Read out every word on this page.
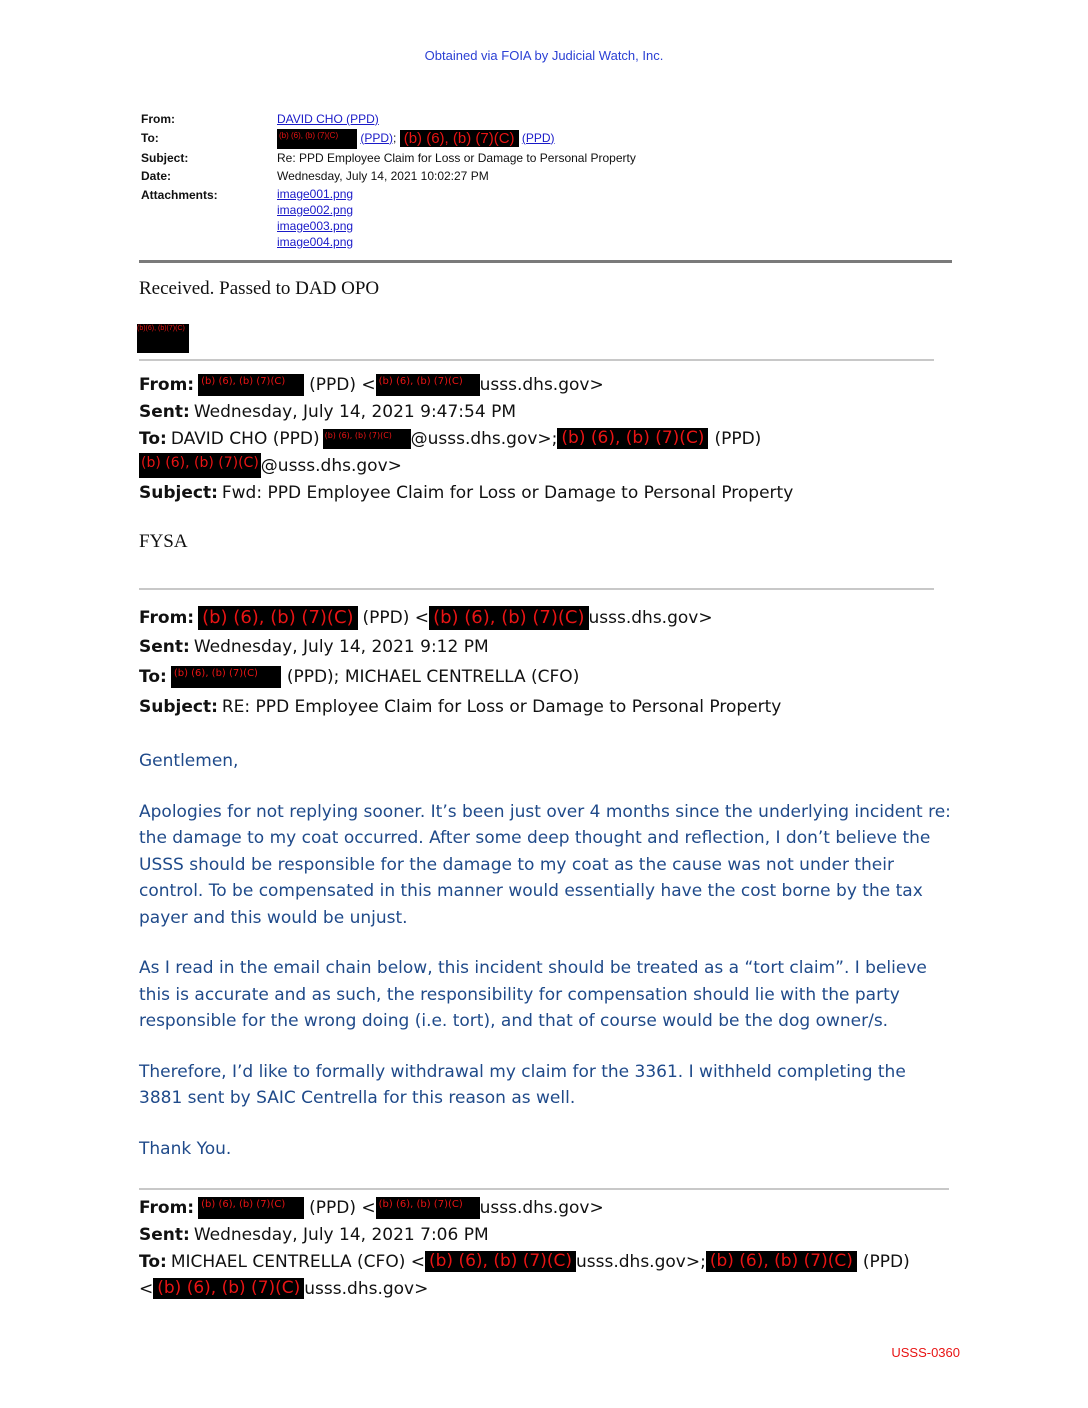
Obtained via FOIA by Judicial Watch, Inc.
From:	DAVID CHO (PPD)
To:	(b) (6), (b) (7)(C) (PPD); (b) (6), (b) (7)(C) (PPD)
Subject:	Re: PPD Employee Claim for Loss or Damage to Personal Property
Date:	Wednesday, July 14, 2021 10:02:27 PM
Attachments:	image001.png
image002.png
image003.png
image004.png
Received. Passed to DAD OPO
(b)(6), (b)(7)(C)
From: (b) (6), (b) (7)(C)	(PPD) < (b) (6), (b) (7)(C) usss.dhs.gov>
Sent: Wednesday, July 14, 2021 9:47:54 PM
To: DAVID CHO (PPD) (b) (6), (b) (7)(C)	@usss.dhs.gov>; (b) (6), (b) (7)(C) (PPD)
(b) (6), (b) (7)(C) @usss.dhs.gov>
Subject: Fwd: PPD Employee Claim for Loss or Damage to Personal Property
FYSA
From: (b) (6), (b) (7)(C) (PPD) < (b) (6), (b) (7)(C) usss.dhs.gov>
Sent: Wednesday, July 14, 2021 9:12 PM
To: (b) (6), (b) (7)(C)	(PPD); MICHAEL CENTRELLA (CFO)
Subject: RE: PPD Employee Claim for Loss or Damage to Personal Property

Gentlemen,

Apologies for not replying sooner. It’s been just over 4 months since the underlying incident re: the damage to my coat occurred. After some deep thought and reflection, I don’t believe the USSS should be responsible for the damage to my coat as the cause was not under their control. To be compensated in this manner would essentially have the cost borne by the tax payer and this would be unjust.

As I read in the email chain below, this incident should be treated as a “tort claim”. I believe this is accurate and as such, the responsibility for compensation should lie with the party responsible for the wrong doing (i.e. tort), and that of course would be the dog owner/s.

Therefore, I’d like to formally withdrawal my claim for the 3361. I withheld completing the 3881 sent by SAIC Centrella for this reason as well.

Thank You.

From: (b) (6), (b) (7)(C)	(PPD) < (b) (6), (b) (7)(C) usss.dhs.gov>
Sent: Wednesday, July 14, 2021 7:06 PM
To: MICHAEL CENTRELLA (CFO) < (b) (6), (b) (7)(C) usss.dhs.gov>; (b) (6), (b) (7)(C) (PPD)
< (b) (6), (b) (7)(C) usss.dhs.gov>
USSS-0360
